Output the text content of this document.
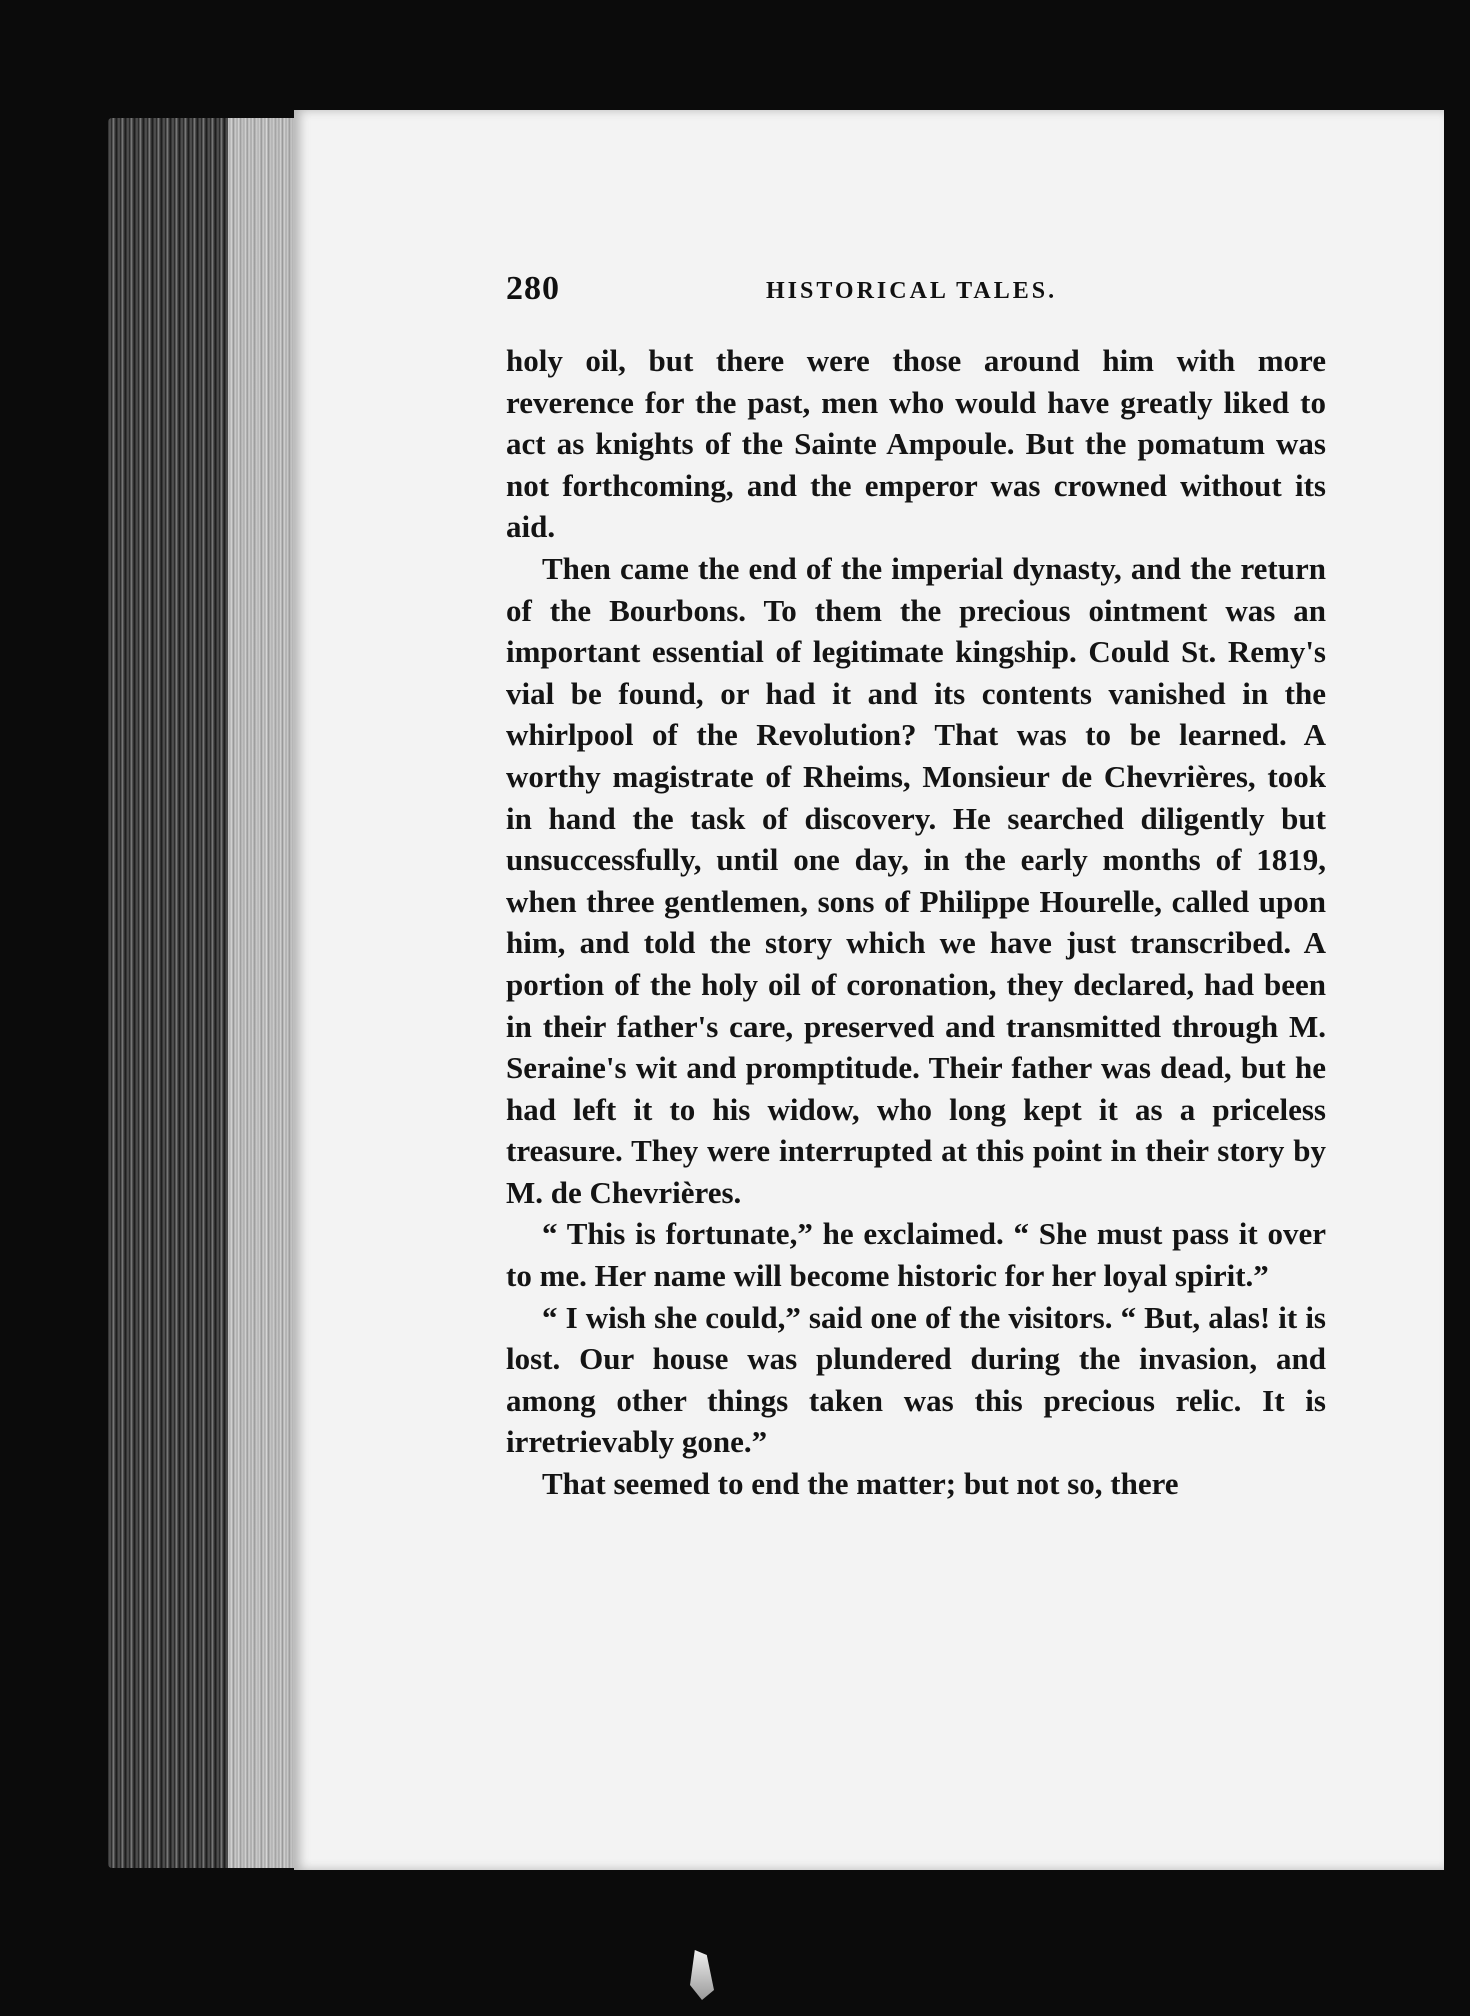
280	HISTORICAL TALES.

holy oil, but there were those around him with more reverence for the past, men who would have greatly liked to act as knights of the Sainte Ampoule. But the pomatum was not forthcoming, and the emperor was crowned without its aid.

Then came the end of the imperial dynasty, and the return of the Bourbons. To them the precious ointment was an important essential of legitimate kingship. Could St. Remy's vial be found, or had it and its contents vanished in the whirlpool of the Revolution? That was to be learned. A worthy magistrate of Rheims, Monsieur de Chevrières, took in hand the task of discovery. He searched diligently but unsuccessfully, until one day, in the early months of 1819, when three gentlemen, sons of Philippe Hourelle, called upon him, and told the story which we have just transcribed. A portion of the holy oil of coronation, they declared, had been in their father's care, preserved and transmitted through M. Seraine's wit and promptitude. Their father was dead, but he had left it to his widow, who long kept it as a priceless treasure. They were interrupted at this point in their story by M. de Chevrières.

“ This is fortunate,” he exclaimed. “ She must pass it over to me. Her name will become historic for her loyal spirit.”

“ I wish she could,” said one of the visitors. “ But, alas! it is lost. Our house was plundered during the invasion, and among other things taken was this precious relic. It is irretrievably gone.”

That seemed to end the matter; but not so, there
